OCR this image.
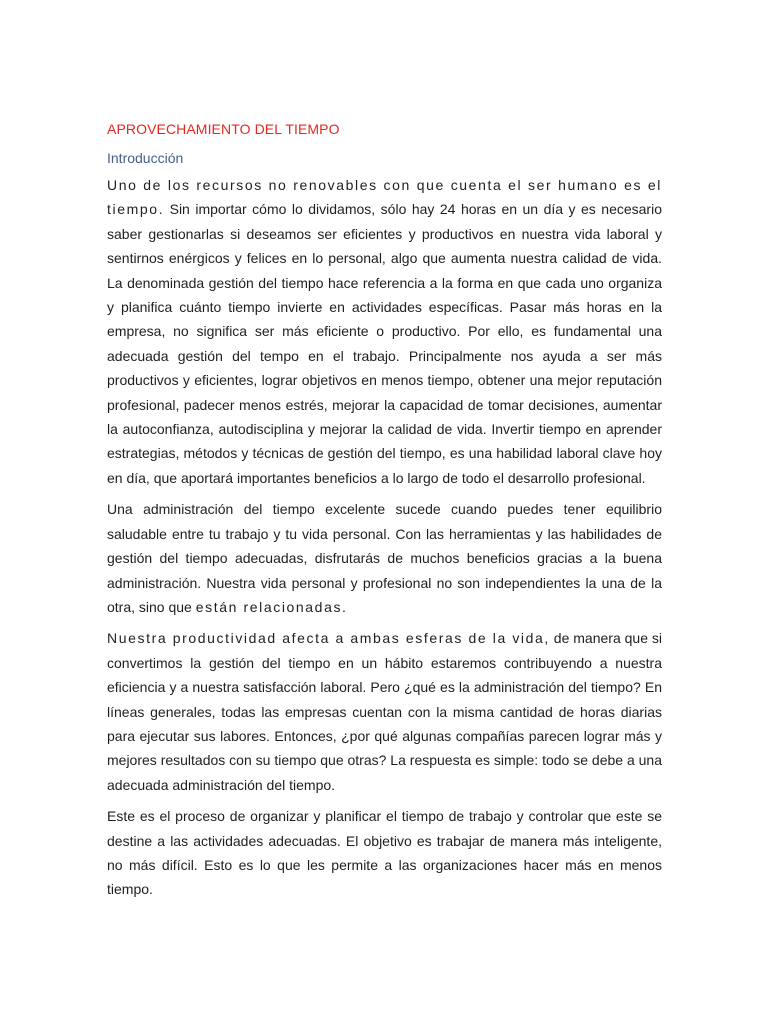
APROVECHAMIENTO DEL TIEMPO
Introducción

Uno de los recursos no renovables con que cuenta el ser humano es el tiempo. Sin importar cómo lo dividamos, sólo hay 24 horas en un día y es necesario saber gestionarlas si deseamos ser eficientes y productivos en nuestra vida laboral y sentirnos enérgicos y felices en lo personal, algo que aumenta nuestra calidad de vida. La denominada gestión del tiempo hace referencia a la forma en que cada uno organiza y planifica cuánto tiempo invierte en actividades específicas. Pasar más horas en la empresa, no significa ser más eficiente o productivo. Por ello, es fundamental una adecuada gestión del tempo en el trabajo. Principalmente nos ayuda a ser más productivos y eficientes, lograr objetivos en menos tiempo, obtener una mejor reputación profesional, padecer menos estrés, mejorar la capacidad de tomar decisiones, aumentar la autoconfianza, autodisciplina y mejorar la calidad de vida. Invertir tiempo en aprender estrategias, métodos y técnicas de gestión del tiempo, es una habilidad laboral clave hoy en día, que aportará importantes beneficios a lo largo de todo el desarrollo profesional.

Una administración del tiempo excelente sucede cuando puedes tener equilibrio saludable entre tu trabajo y tu vida personal. Con las herramientas y las habilidades de gestión del tiempo adecuadas, disfrutarás de muchos beneficios gracias a la buena administración. Nuestra vida personal y profesional no son independientes la una de la otra, sino que están relacionadas.

Nuestra productividad afecta a ambas esferas de la vida, de manera que si convertimos la gestión del tiempo en un hábito estaremos contribuyendo a nuestra eficiencia y a nuestra satisfacción laboral. Pero ¿qué es la administración del tiempo? En líneas generales, todas las empresas cuentan con la misma cantidad de horas diarias para ejecutar sus labores. Entonces, ¿por qué algunas compañías parecen lograr más y mejores resultados con su tiempo que otras? La respuesta es simple: todo se debe a una adecuada administración del tiempo.

Este es el proceso de organizar y planificar el tiempo de trabajo y controlar que este se destine a las actividades adecuadas. El objetivo es trabajar de manera más inteligente, no más difícil. Esto es lo que les permite a las organizaciones hacer más en menos tiempo.
